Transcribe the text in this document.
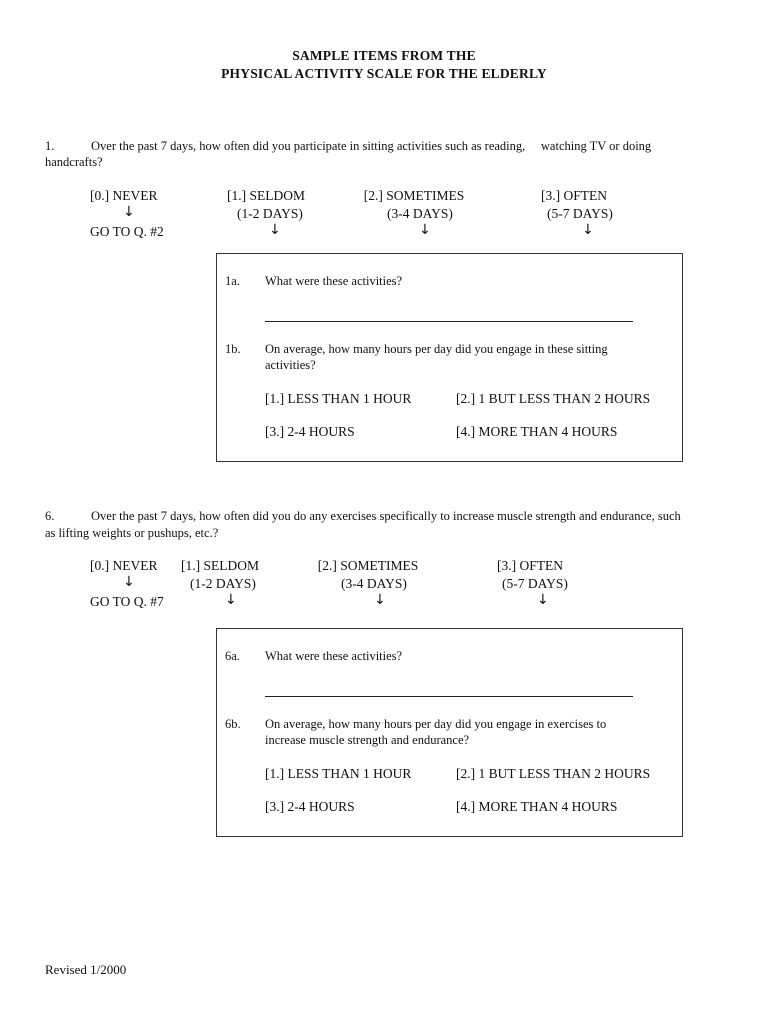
SAMPLE ITEMS FROM THE
PHYSICAL ACTIVITY SCALE FOR THE ELDERLY
1.	Over the past 7 days, how often did you participate in sitting activities such as reading,     watching TV or doing
handcrafts?
[0.] NEVER
↓
GO TO Q. #2
[1.] SELDOM
(1-2 DAYS)
↓
[2.] SOMETIMES
(3-4 DAYS)
↓
[3.] OFTEN
(5-7 DAYS)
↓
1a. What were these activities?
1b. On average, how many hours per day did you engage in these sitting
activities?
[1.] LESS THAN 1 HOUR	[2.] 1 BUT LESS THAN 2 HOURS
[3.] 2-4 HOURS	[4.] MORE THAN 4 HOURS
6.	Over the past 7 days, how often did you do any exercises specifically to increase muscle strength and endurance, such
as lifting weights or pushups, etc.?
[0.] NEVER
↓
GO TO Q. #7
[1.] SELDOM
(1-2 DAYS)
↓
[2.] SOMETIMES
(3-4 DAYS)
↓
[3.] OFTEN
(5-7 DAYS)
↓
6a. What were these activities?
6b. On average, how many hours per day did you engage in exercises to
increase muscle strength and endurance?
[1.] LESS THAN 1 HOUR	[2.] 1 BUT LESS THAN 2 HOURS
[3.] 2-4 HOURS	[4.] MORE THAN 4 HOURS
Revised 1/2000
